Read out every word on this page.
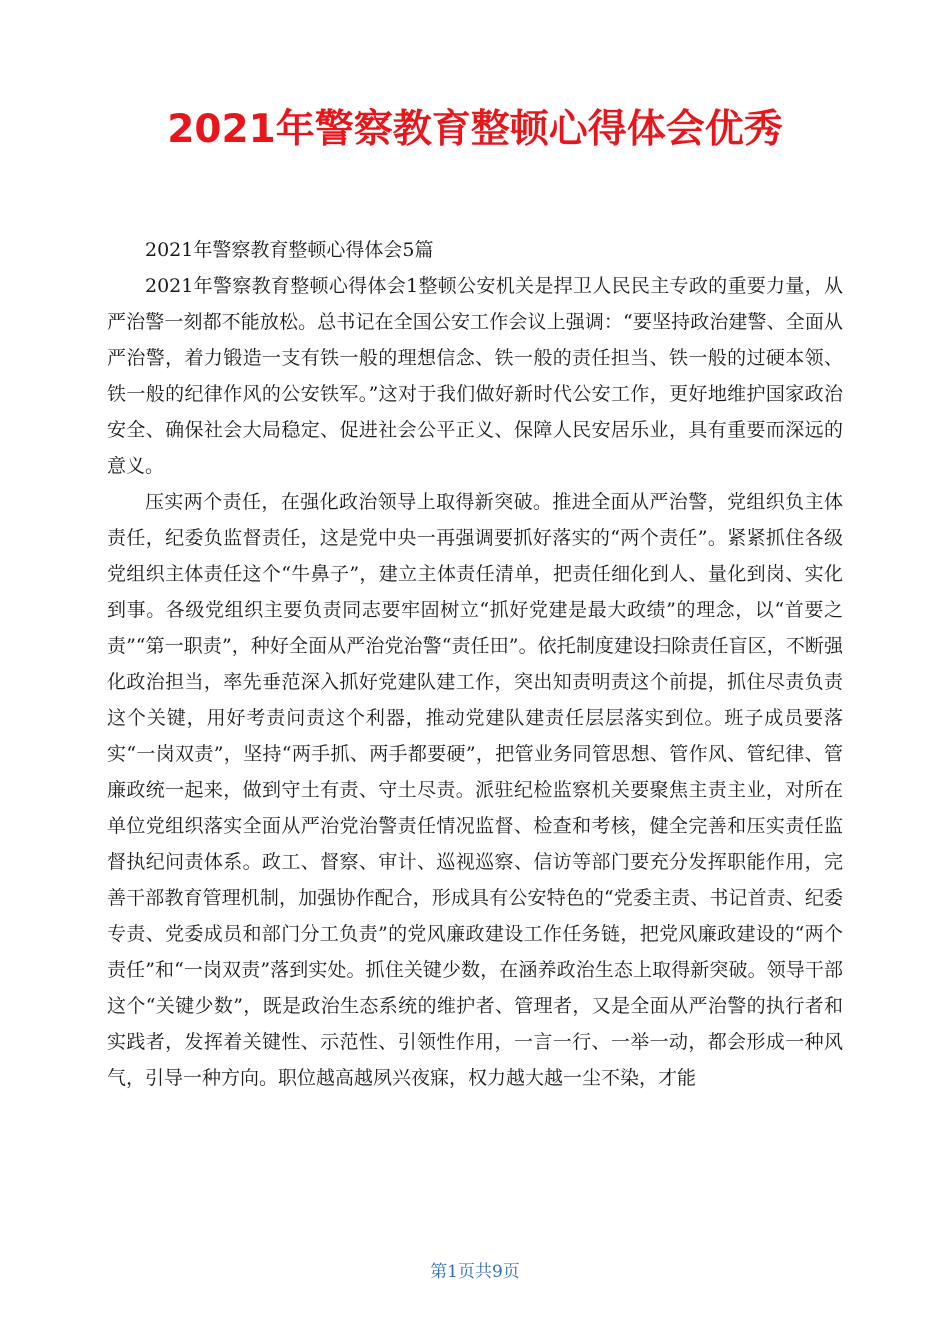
2021年警察教育整顿心得体会优秀

2021年警察教育整顿心得体会5篇

2021年警察教育整顿心得体会1整顿公安机关是捍卫人民民主专政的重要力量，从严治警一刻都不能放松。总书记在全国公安工作会议上强调：“要坚持政治建警、全面从严治警，着力锻造一支有铁一般的理想信念、铁一般的责任担当、铁一般的过硬本领、铁一般的纪律作风的公安铁军。”这对于我们做好新时代公安工作，更好地维护国家政治安全、确保社会大局稳定、促进社会公平正义、保障人民安居乐业，具有重要而深远的意义。

压实两个责任，在强化政治领导上取得新突破。推进全面从严治警，党组织负主体责任，纪委负监督责任，这是党中央一再强调要抓好落实的“两个责任”。紧紧抓住各级党组织主体责任这个“牛鼻子”，建立主体责任清单，把责任细化到人、量化到岗、实化到事。各级党组织主要负责同志要牢固树立“抓好党建是最大政绩”的理念，以“首要之责”“第一职责”，种好全面从严治党治警“责任田”。依托制度建设扫除责任盲区，不断强化政治担当，率先垂范深入抓好党建队建工作，突出知责明责这个前提，抓住尽责负责这个关键，用好考责问责这个利器，推动党建队建责任层层落实到位。班子成员要落实“一岗双责”，坚持“两手抓、两手都要硬”，把管业务同管思想、管作风、管纪律、管廉政统一起来，做到守土有责、守土尽责。派驻纪检监察机关要聚焦主责主业，对所在单位党组织落实全面从严治党治警责任情况监督、检查和考核，健全完善和压实责任监督执纪问责体系。政工、督察、审计、巡视巡察、信访等部门要充分发挥职能作用，完善干部教育管理机制，加强协作配合，形成具有公安特色的“党委主责、书记首责、纪委专责、党委成员和部门分工负责”的党风廉政建设工作任务链，把党风廉政建设的“两个责任”和“一岗双责”落到实处。抓住关键少数，在涵养政治生态上取得新突破。领导干部这个“关键少数”，既是政治生态系统的维护者、管理者，又是全面从严治警的执行者和实践者，发挥着关键性、示范性、引领性作用，一言一行、一举一动，都会形成一种风气，引导一种方向。职位越高越夙兴夜寐，权力越大越一尘不染，才能

第1页共9页
